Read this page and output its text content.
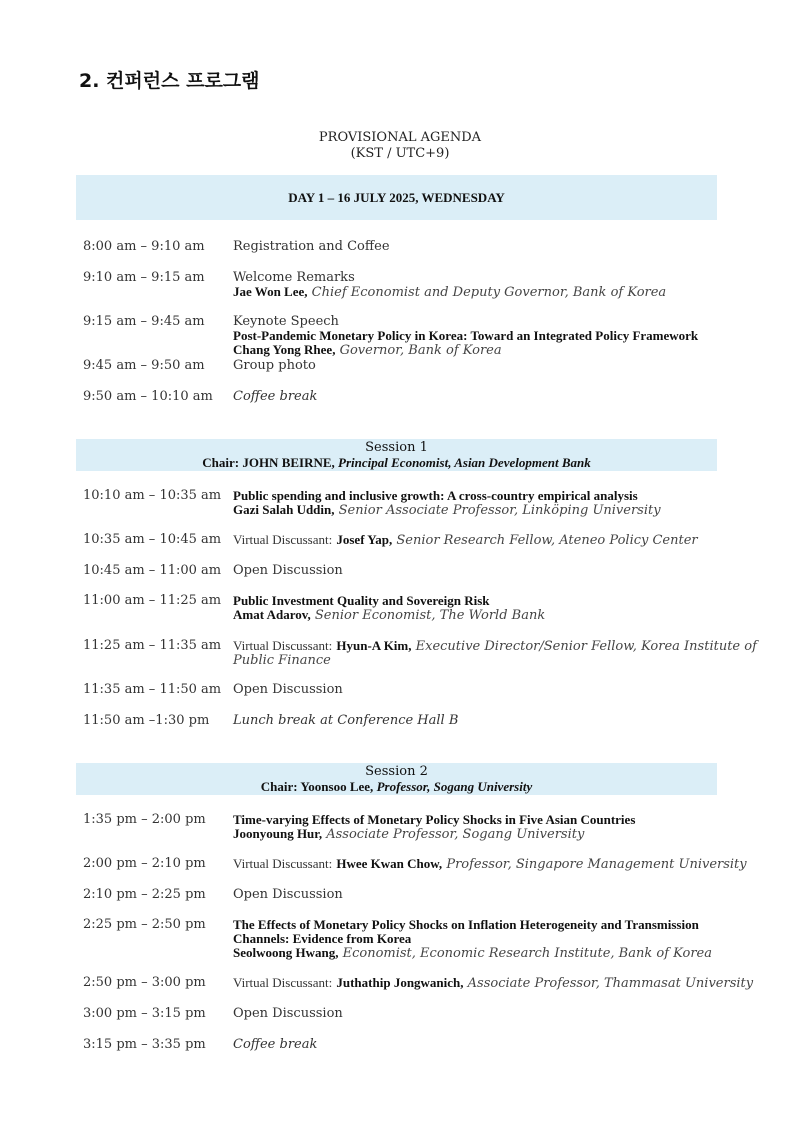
2. 컨퍼런스 프로그램
PROVISIONAL AGENDA
(KST / UTC+9)
DAY 1 – 16 JULY 2025, WEDNESDAY
8:00 am – 9:10 am Registration and Coffee
9:10 am – 9:15 am Welcome Remarks
Jae Won Lee, Chief Economist and Deputy Governor, Bank of Korea
9:15 am – 9:45 am Keynote Speech
Post-Pandemic Monetary Policy in Korea: Toward an Integrated Policy Framework
Chang Yong Rhee, Governor, Bank of Korea
9:45 am – 9:50 am Group photo
9:50 am – 10:10 am Coffee break
Session 1
Chair: JOHN BEIRNE, Principal Economist, Asian Development Bank
10:10 am – 10:35 am Public spending and inclusive growth: A cross-country empirical analysis
Gazi Salah Uddin, Senior Associate Professor, Linköping University
10:35 am – 10:45 am Virtual Discussant: Josef Yap, Senior Research Fellow, Ateneo Policy Center
10:45 am – 11:00 am Open Discussion
11:00 am – 11:25 am Public Investment Quality and Sovereign Risk
Amat Adarov, Senior Economist, The World Bank
11:25 am – 11:35 am Virtual Discussant: Hyun-A Kim, Executive Director/Senior Fellow, Korea Institute of
Public Finance
11:35 am – 11:50 am Open Discussion
11:50 am –1:30 pm Lunch break at Conference Hall B
Session 2
Chair: Yoonsoo Lee, Professor, Sogang University
1:35 pm – 2:00 pm Time-varying Effects of Monetary Policy Shocks in Five Asian Countries
Joonyoung Hur, Associate Professor, Sogang University
2:00 pm – 2:10 pm Virtual Discussant: Hwee Kwan Chow, Professor, Singapore Management University
2:10 pm – 2:25 pm Open Discussion
2:25 pm – 2:50 pm The Effects of Monetary Policy Shocks on Inflation Heterogeneity and Transmission
Channels: Evidence from Korea
Seolwoong Hwang, Economist, Economic Research Institute, Bank of Korea
2:50 pm – 3:00 pm Virtual Discussant: Juthathip Jongwanich, Associate Professor, Thammasat University
3:00 pm – 3:15 pm Open Discussion
3:15 pm – 3:35 pm Coffee break
